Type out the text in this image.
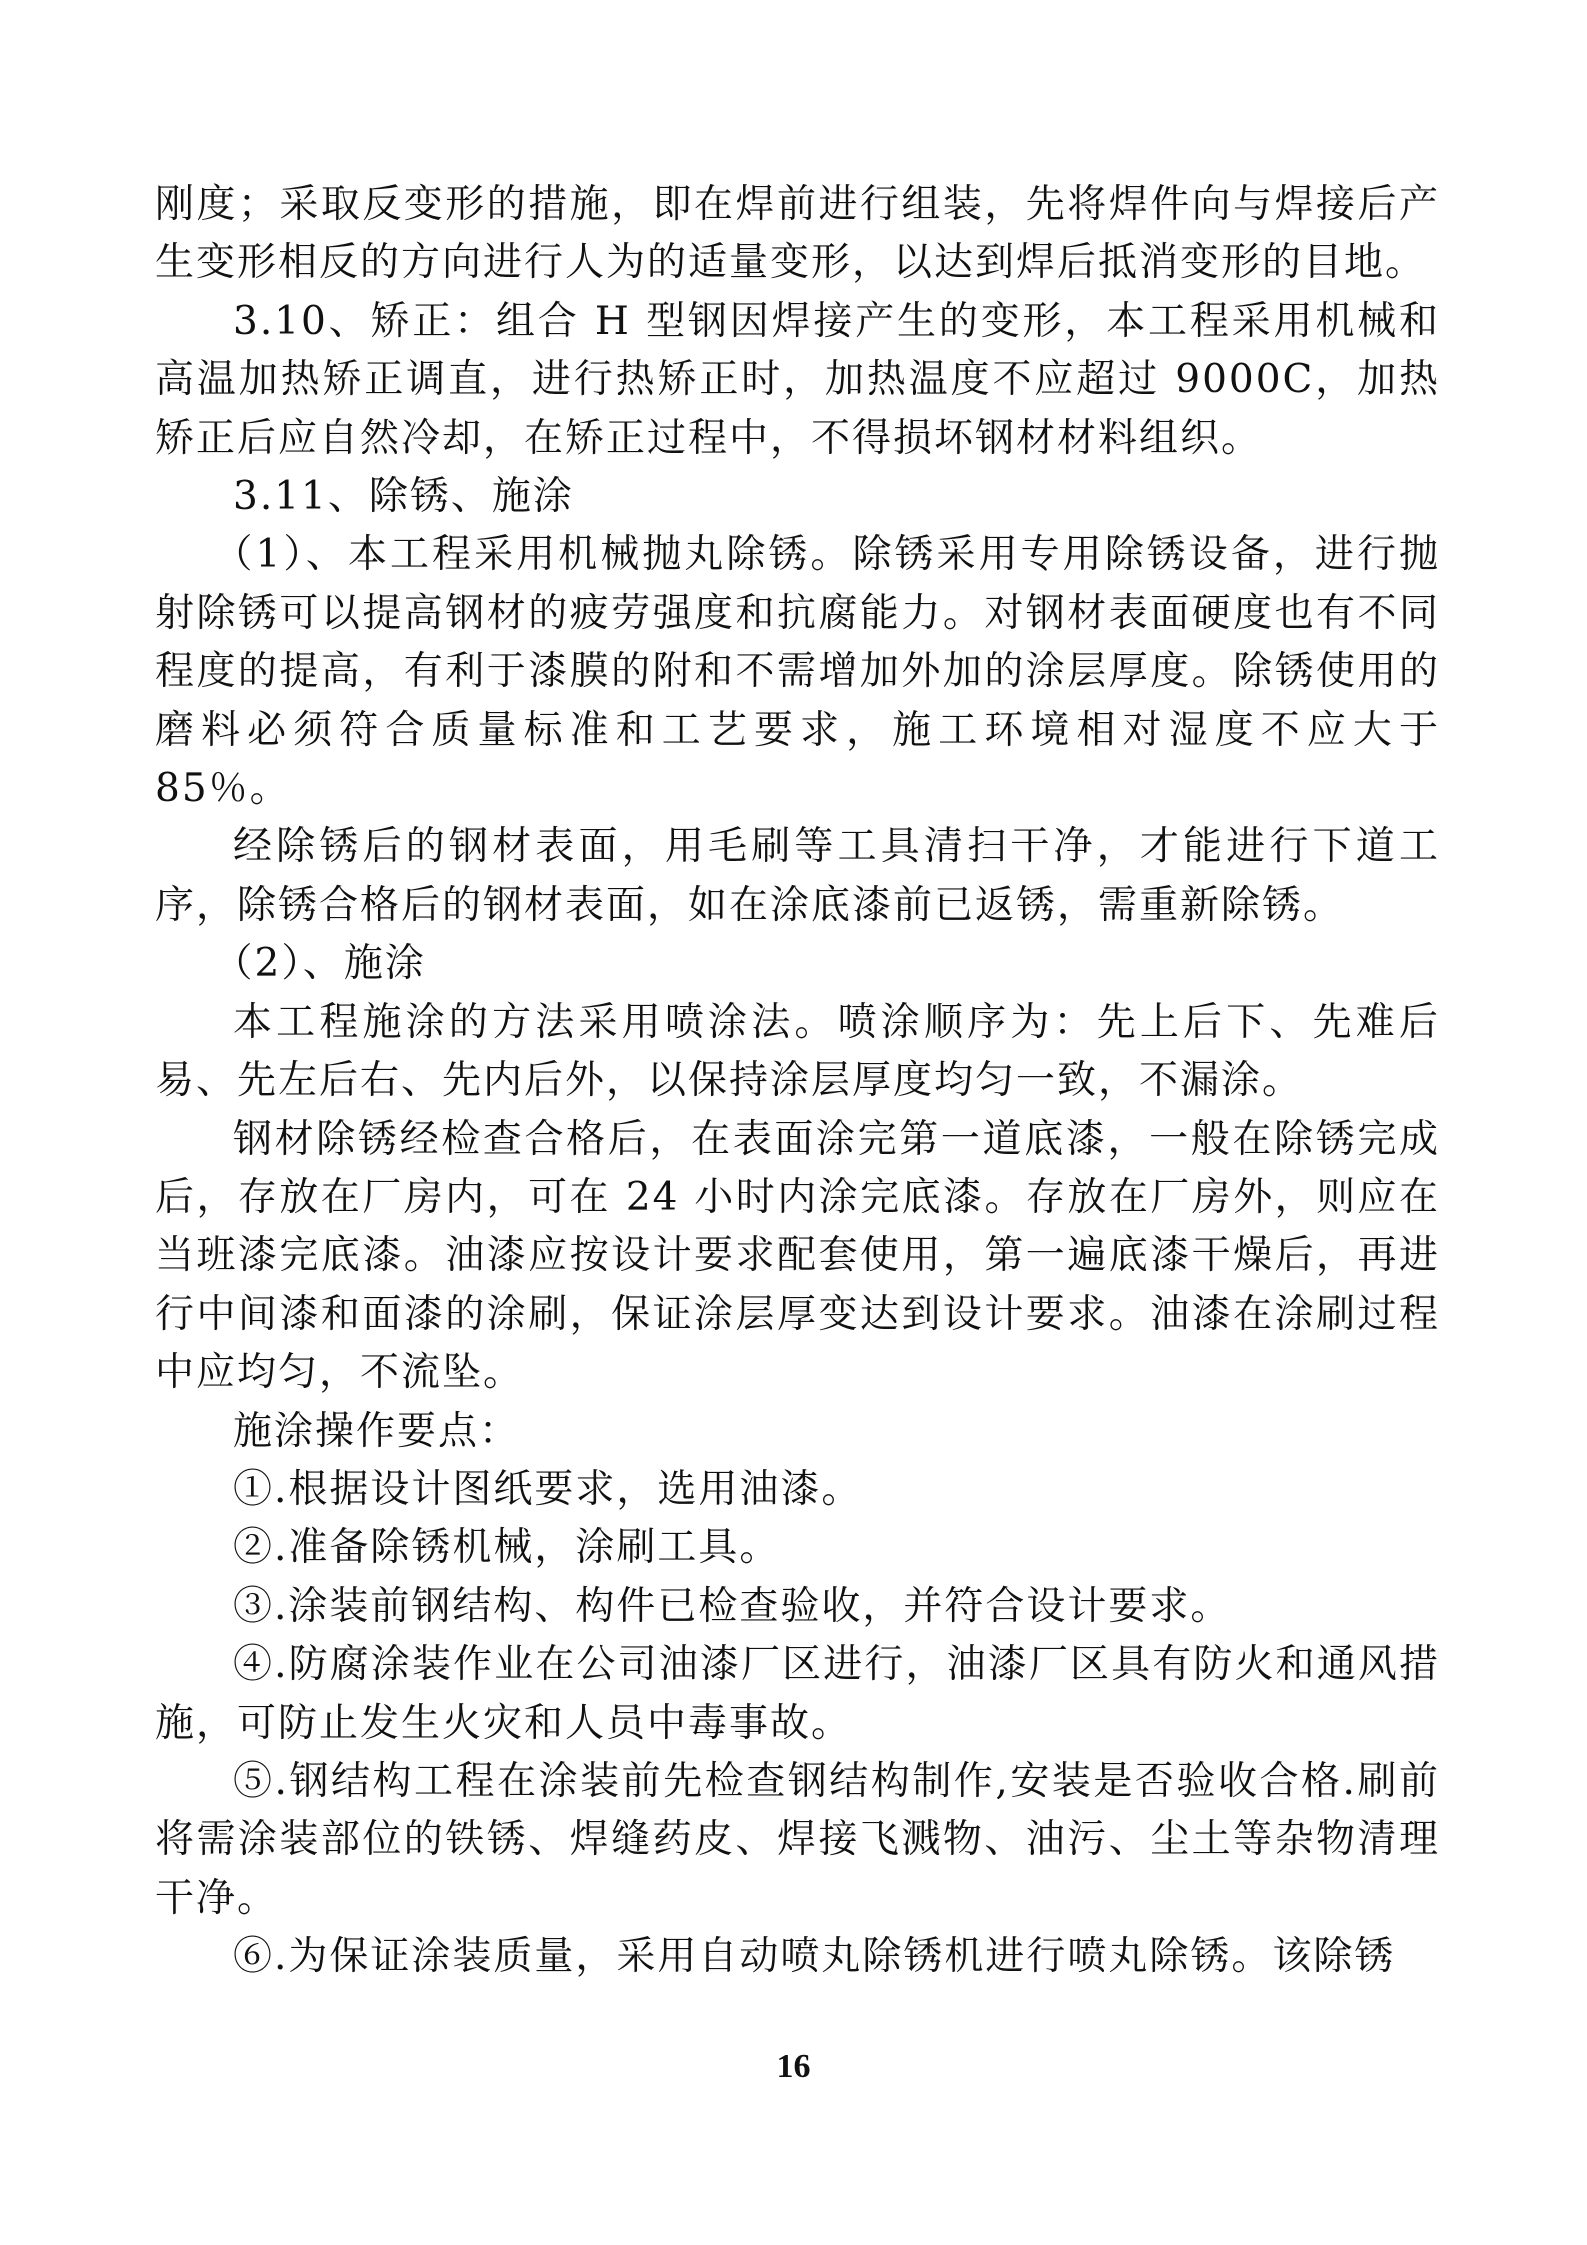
刚度；采取反变形的措施，即在焊前进行组装，先将焊件向与焊接后产生变形相反的方向进行人为的适量变形，以达到焊后抵消变形的目地。

3.10、矫正：组合 H 型钢因焊接产生的变形，本工程采用机械和高温加热矫正调直，进行热矫正时，加热温度不应超过 9000C，加热矫正后应自然冷却，在矫正过程中，不得损坏钢材材料组织。

3.11、除锈、施涂

（1）、本工程采用机械抛丸除锈。除锈采用专用除锈设备，进行抛射除锈可以提高钢材的疲劳强度和抗腐能力。对钢材表面硬度也有不同程度的提高，有利于漆膜的附和不需增加外加的涂层厚度。除锈使用的磨料必须符合质量标准和工艺要求，施工环境相对湿度不应大于 85％。

经除锈后的钢材表面，用毛刷等工具清扫干净，才能进行下道工序，除锈合格后的钢材表面，如在涂底漆前已返锈，需重新除锈。

（2）、施涂

本工程施涂的方法采用喷涂法。喷涂顺序为：先上后下、先难后易、先左后右、先内后外，以保持涂层厚度均匀一致，不漏涂。

钢材除锈经检查合格后，在表面涂完第一道底漆，一般在除锈完成后，存放在厂房内，可在 24 小时内涂完底漆。存放在厂房外，则应在当班漆完底漆。油漆应按设计要求配套使用，第一遍底漆干燥后，再进行中间漆和面漆的涂刷，保证涂层厚变达到设计要求。油漆在涂刷过程中应均匀，不流坠。

施涂操作要点：

①.根据设计图纸要求，选用油漆。

②.准备除锈机械，涂刷工具。

③.涂装前钢结构、构件已检查验收，并符合设计要求。

④.防腐涂装作业在公司油漆厂区进行，油漆厂区具有防火和通风措施，可防止发生火灾和人员中毒事故。

⑤.钢结构工程在涂装前先检查钢结构制作,安装是否验收合格.刷前将需涂装部位的铁锈、焊缝药皮、焊接飞溅物、油污、尘土等杂物清理干净。

⑥.为保证涂装质量，采用自动喷丸除锈机进行喷丸除锈。该除锈

16
